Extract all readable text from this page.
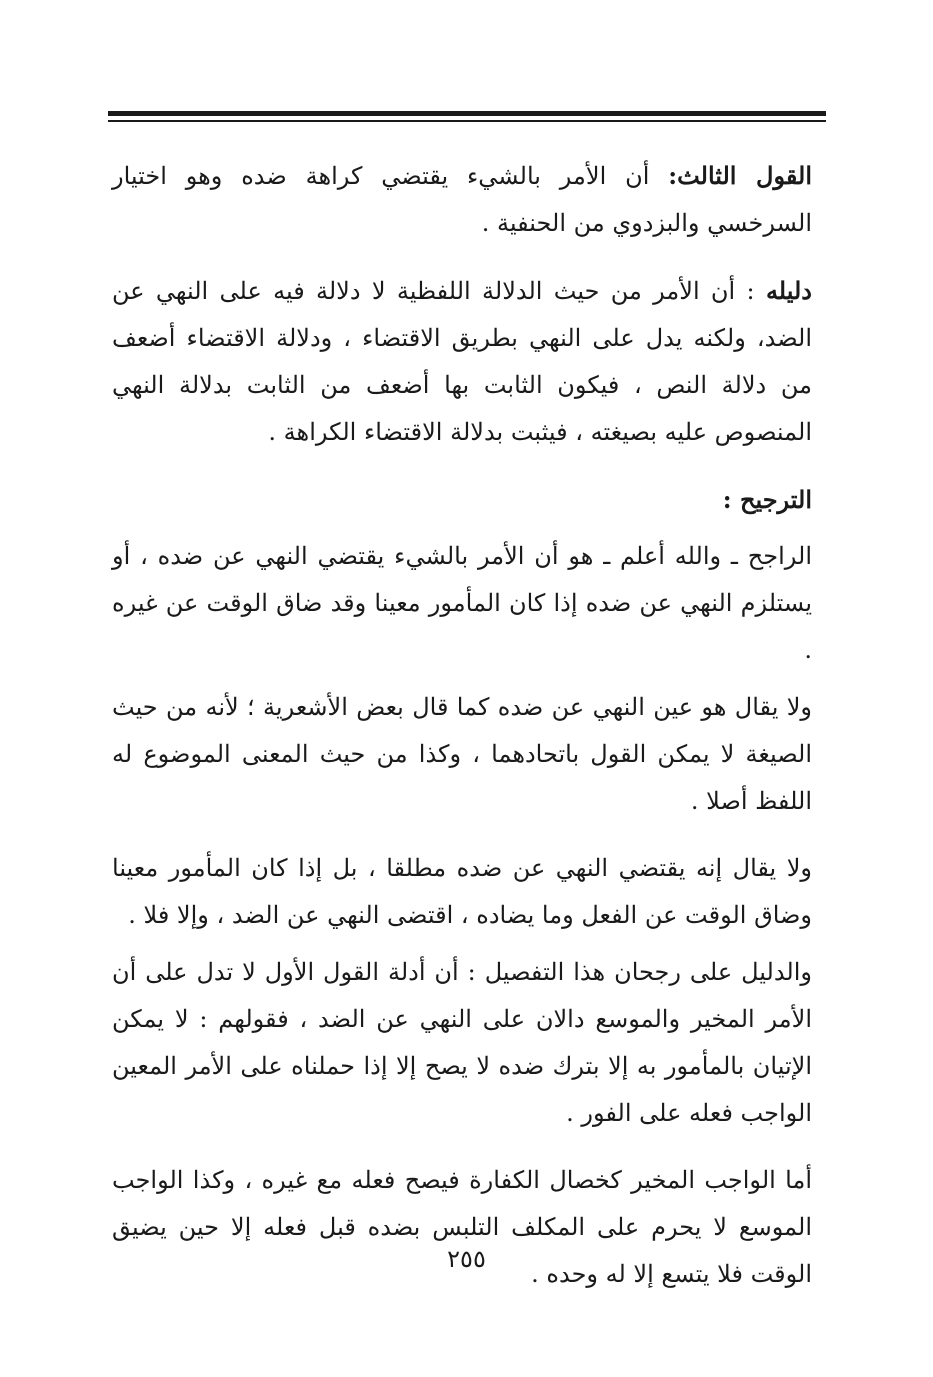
القول الثالث: أن الأمر بالشيء يقتضي كراهة ضده وهو اختيار السرخسي والبزدوي من الحنفية .

دليله : أن الأمر من حيث الدلالة اللفظية لا دلالة فيه على النهي عن الضد، ولكنه يدل على النهي بطريق الاقتضاء ، ودلالة الاقتضاء أضعف من دلالة النص ، فيكون الثابت بها أضعف من الثابت بدلالة النهي المنصوص عليه بصيغته ، فيثبت بدلالة الاقتضاء الكراهة .

الترجيح :

الراجح ـ والله أعلم ـ هو أن الأمر بالشيء يقتضي النهي عن ضده ، أو يستلزم النهي عن ضده إذا كان المأمور معينا وقد ضاق الوقت عن غيره .

ولا يقال هو عين النهي عن ضده كما قال بعض الأشعرية ؛ لأنه من حيث الصيغة لا يمكن القول باتحادهما ، وكذا من حيث المعنى الموضوع له اللفظ أصلا .

ولا يقال إنه يقتضي النهي عن ضده مطلقا ، بل إذا كان المأمور معينا وضاق الوقت عن الفعل وما يضاده ، اقتضى النهي عن الضد ، وإلا فلا .

والدليل على رجحان هذا التفصيل : أن أدلة القول الأول لا تدل على أن الأمر المخير والموسع دالان على النهي عن الضد ، فقولهم : لا يمكن الإتيان بالمأمور به إلا بترك ضده لا يصح إلا إذا حملناه على الأمر المعين الواجب فعله على الفور .

أما الواجب المخير كخصال الكفارة فيصح فعله مع غيره ، وكذا الواجب الموسع لا يحرم على المكلف التلبس بضده قبل فعله إلا حين يضيق الوقت فلا يتسع إلا له وحده .

٢٥٥
